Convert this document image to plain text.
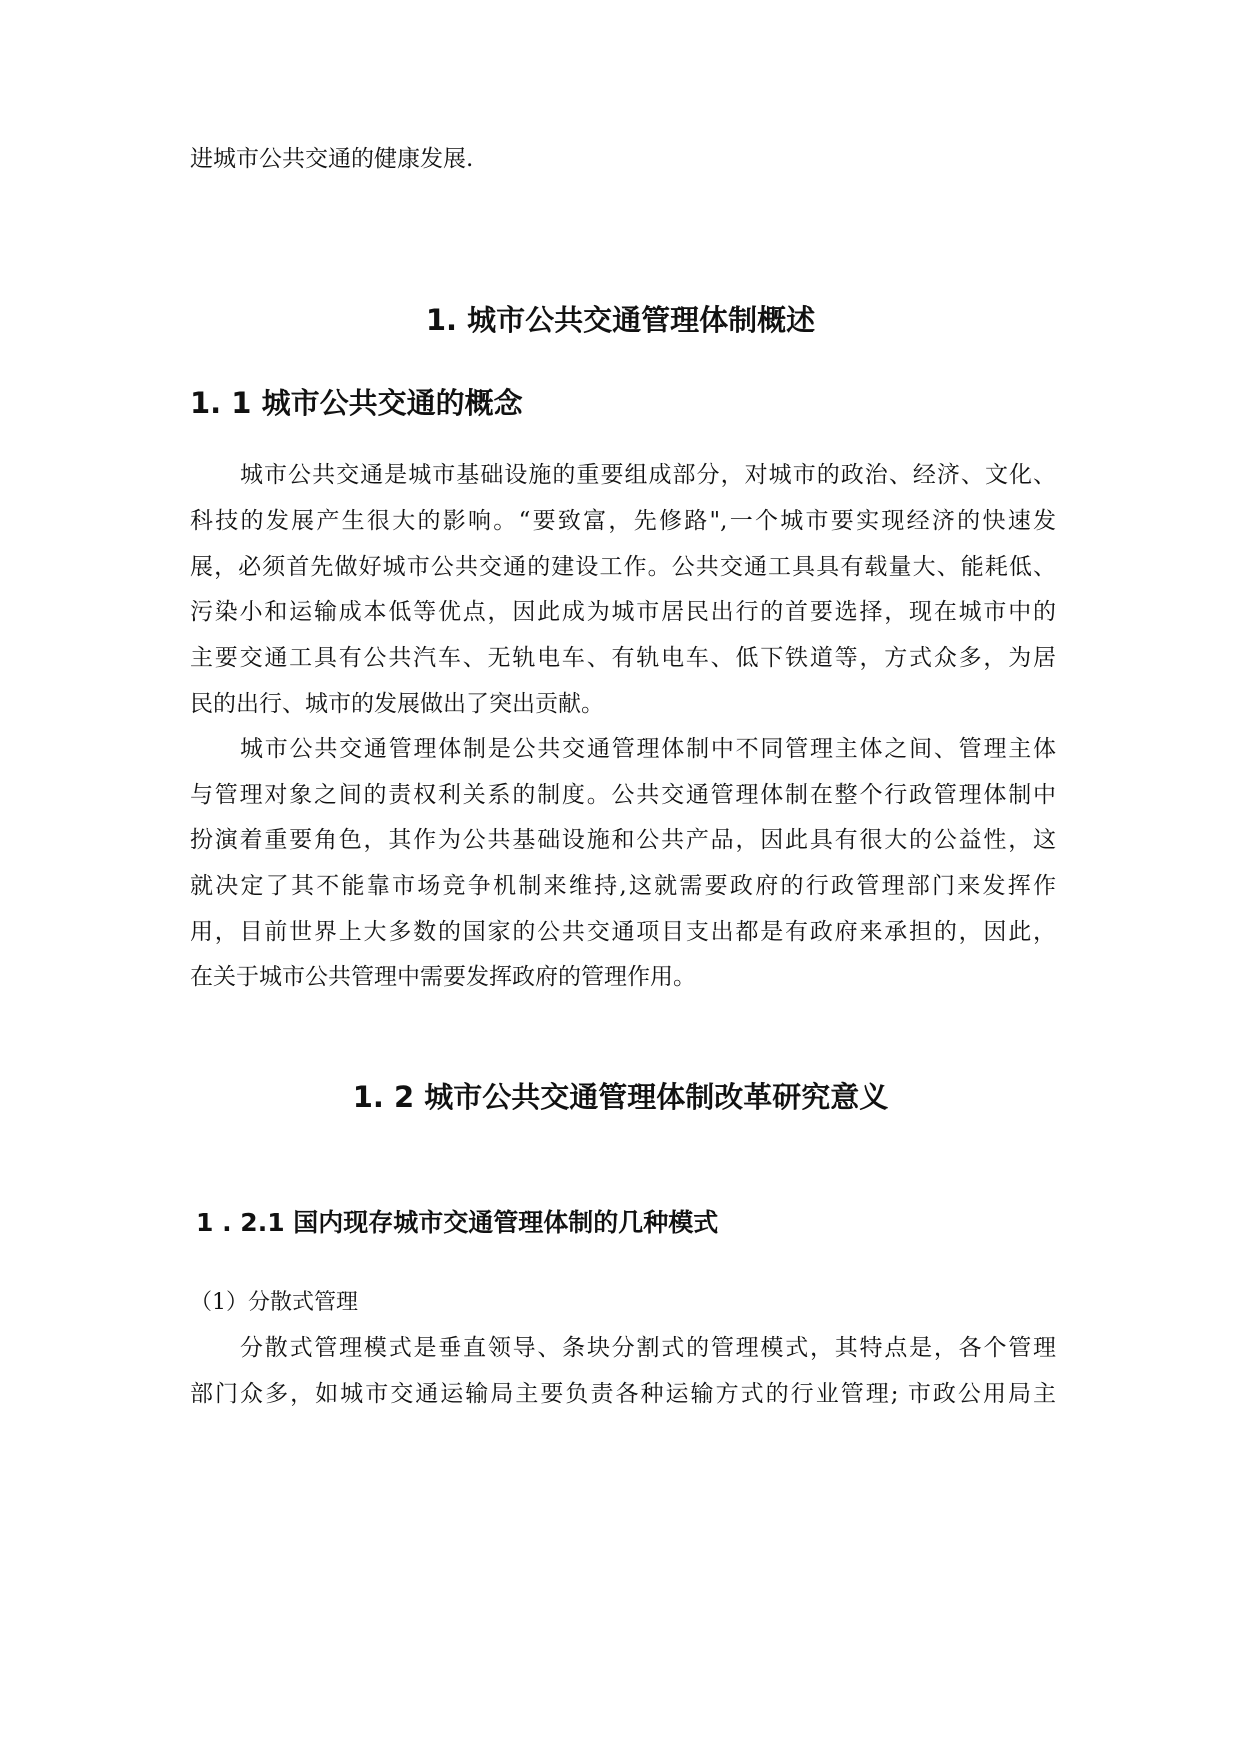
进城市公共交通的健康发展.
1. 城市公共交通管理体制概述
1. 1 城市公共交通的概念
城市公共交通是城市基础设施的重要组成部分，对城市的政治、经济、文化、
科技的发展产生很大的影响。“要致富，先修路",一个城市要实现经济的快速发
展，必须首先做好城市公共交通的建设工作。公共交通工具具有载量大、能耗低、
污染小和运输成本低等优点，因此成为城市居民出行的首要选择，现在城市中的
主要交通工具有公共汽车、无轨电车、有轨电车、低下铁道等，方式众多，为居
民的出行、城市的发展做出了突出贡献。
城市公共交通管理体制是公共交通管理体制中不同管理主体之间、管理主体
与管理对象之间的责权利关系的制度。公共交通管理体制在整个行政管理体制中
扮演着重要角色，其作为公共基础设施和公共产品，因此具有很大的公益性，这
就决定了其不能靠市场竞争机制来维持,这就需要政府的行政管理部门来发挥作
用，目前世界上大多数的国家的公共交通项目支出都是有政府来承担的，因此，
在关于城市公共管理中需要发挥政府的管理作用。
1. 2 城市公共交通管理体制改革研究意义
1 . 2.1 国内现存城市交通管理体制的几种模式
（1）分散式管理
分散式管理模式是垂直领导、条块分割式的管理模式，其特点是，各个管理
部门众多，如城市交通运输局主要负责各种运输方式的行业管理; 市政公用局主
